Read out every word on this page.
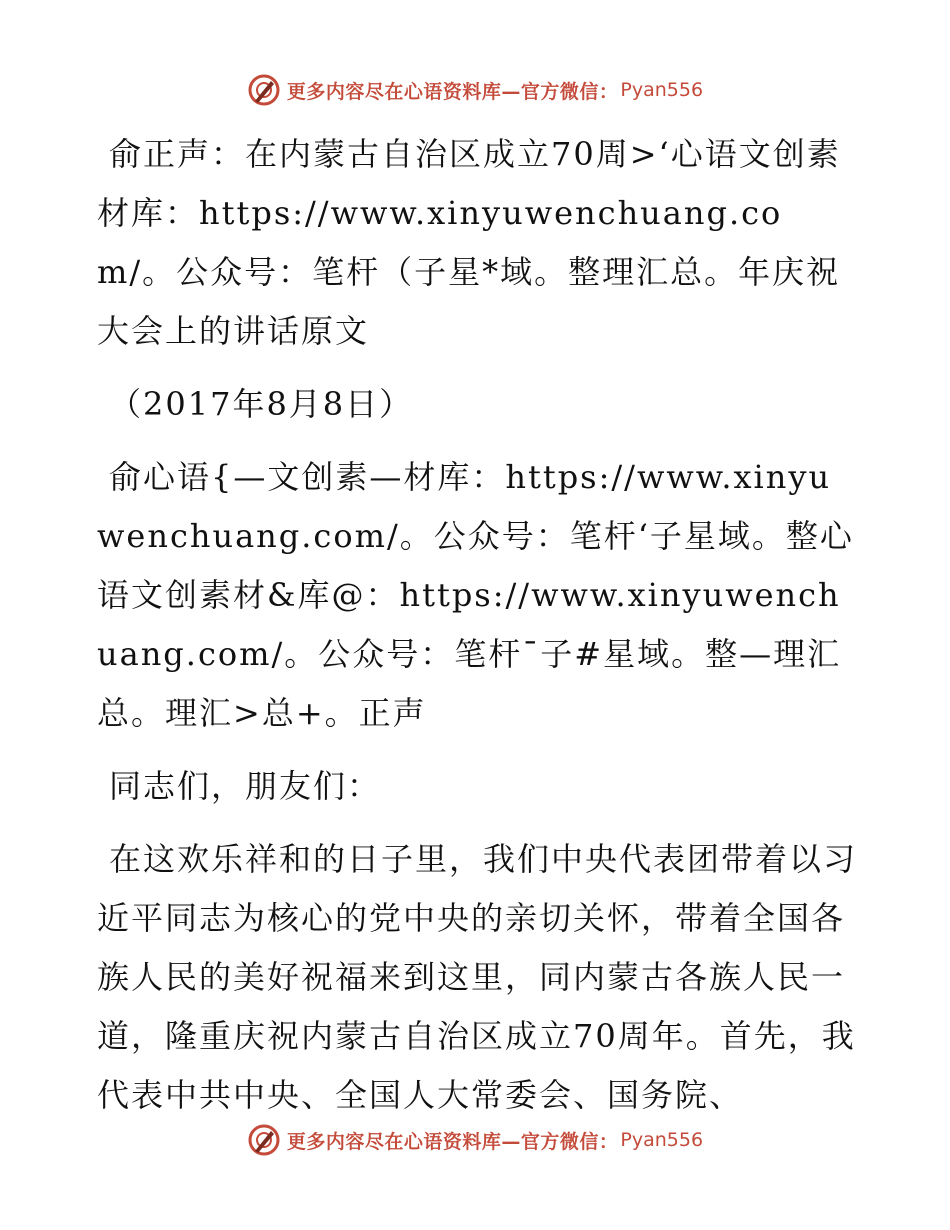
更多内容尽在心语资料库—官方微信： Pyan556

俞正声：在内蒙古自治区成立70周>‘心语文创素材库：https://www.xinyuwenchuang.com/。公众号：笔杆（子星*域。整理汇总。年庆祝大会上的讲话原文

（2017年8月8日）

俞心语{—文创素—材库：https://www.xinyuwenchuang.com/。公众号：笔杆‘子星域。整心语文创素材&库@：https://www.xinyuwenchuang.com/。公众号：笔杆¯子#星域。整—理汇总。理汇>总+。正声

同志们，朋友们：

在这欢乐祥和的日子里，我们中央代表团带着以习近平同志为核心的党中央的亲切关怀，带着全国各族人民的美好祝福来到这里，同内蒙古各族人民一道，隆重庆祝内蒙古自治区成立70周年。首先，我代表中共中央、全国人大常委会、国务院、

更多内容尽在心语资料库—官方微信： Pyan556
